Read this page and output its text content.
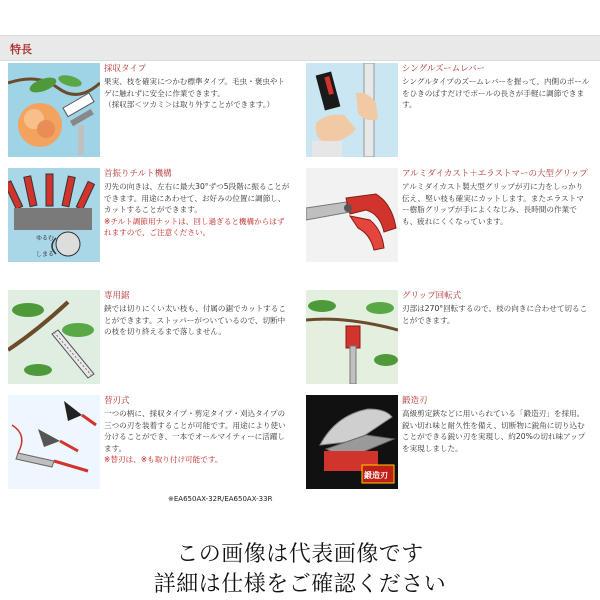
特長

採収タイプ

果実、枝を確実につかむ標準タイプ。毛虫・褒虫やトゲに触れずに安全に作業できます。
（採収部＜ツカミ＞は取り外すことができます。）

シングルズームレバー

シングルタイプのズームレバーを握って、内側のポールをひきのばすだけでポールの長さが手軽に調節できます。

ゆるむ
しまる

首振りチルト機構

刃先の向きは、左右に最大30°ずつ5段階に振ることができます。用途にあわせて、お好みの位置に調節し、カットすることができます。

※チルト調節用ナットは、回し過ぎると機構からはずれますので、ご注意ください。

アルミダイカスト＋エラストマーの大型グリップ

アルミダイカスト製大型グリップが刃に力をしっかり伝え、堅い枝も確実にカットします。またエラストマー樹脂グリップが手によくなじみ、長時間の作業でも、疲れにくくなっています。

専用鋸

鋏では切りにくい太い枝も、付属の鋸でカットすることができます。ストッパーがついているので、切断中の枝を切り終えるまで落しません。

グリップ回転式

刃部は270°回転するので、枝の向きに合わせて切ることができます。

替刃式

一つの柄に、採収タイプ・剪定タイプ・刈込タイプの三つの刃を装着することが可能です。用途により使い分けることができ、一本でオールマイティーに活躍します。

※替刃は、※も取り付け可能です。

鍛造刃

鍛造刃

高級剪定鋏などに用いられている「鍛造刃」を採用。鋭い切れ味と耐久性を備え、切断物に鋭角に切り込むことができる鋭い刃を実現し、約20%の切れ味アップを実現しました。

※EA650AX-32R/EA650AX-33R
この画像は代表画像です
詳細は仕様をご確認ください
